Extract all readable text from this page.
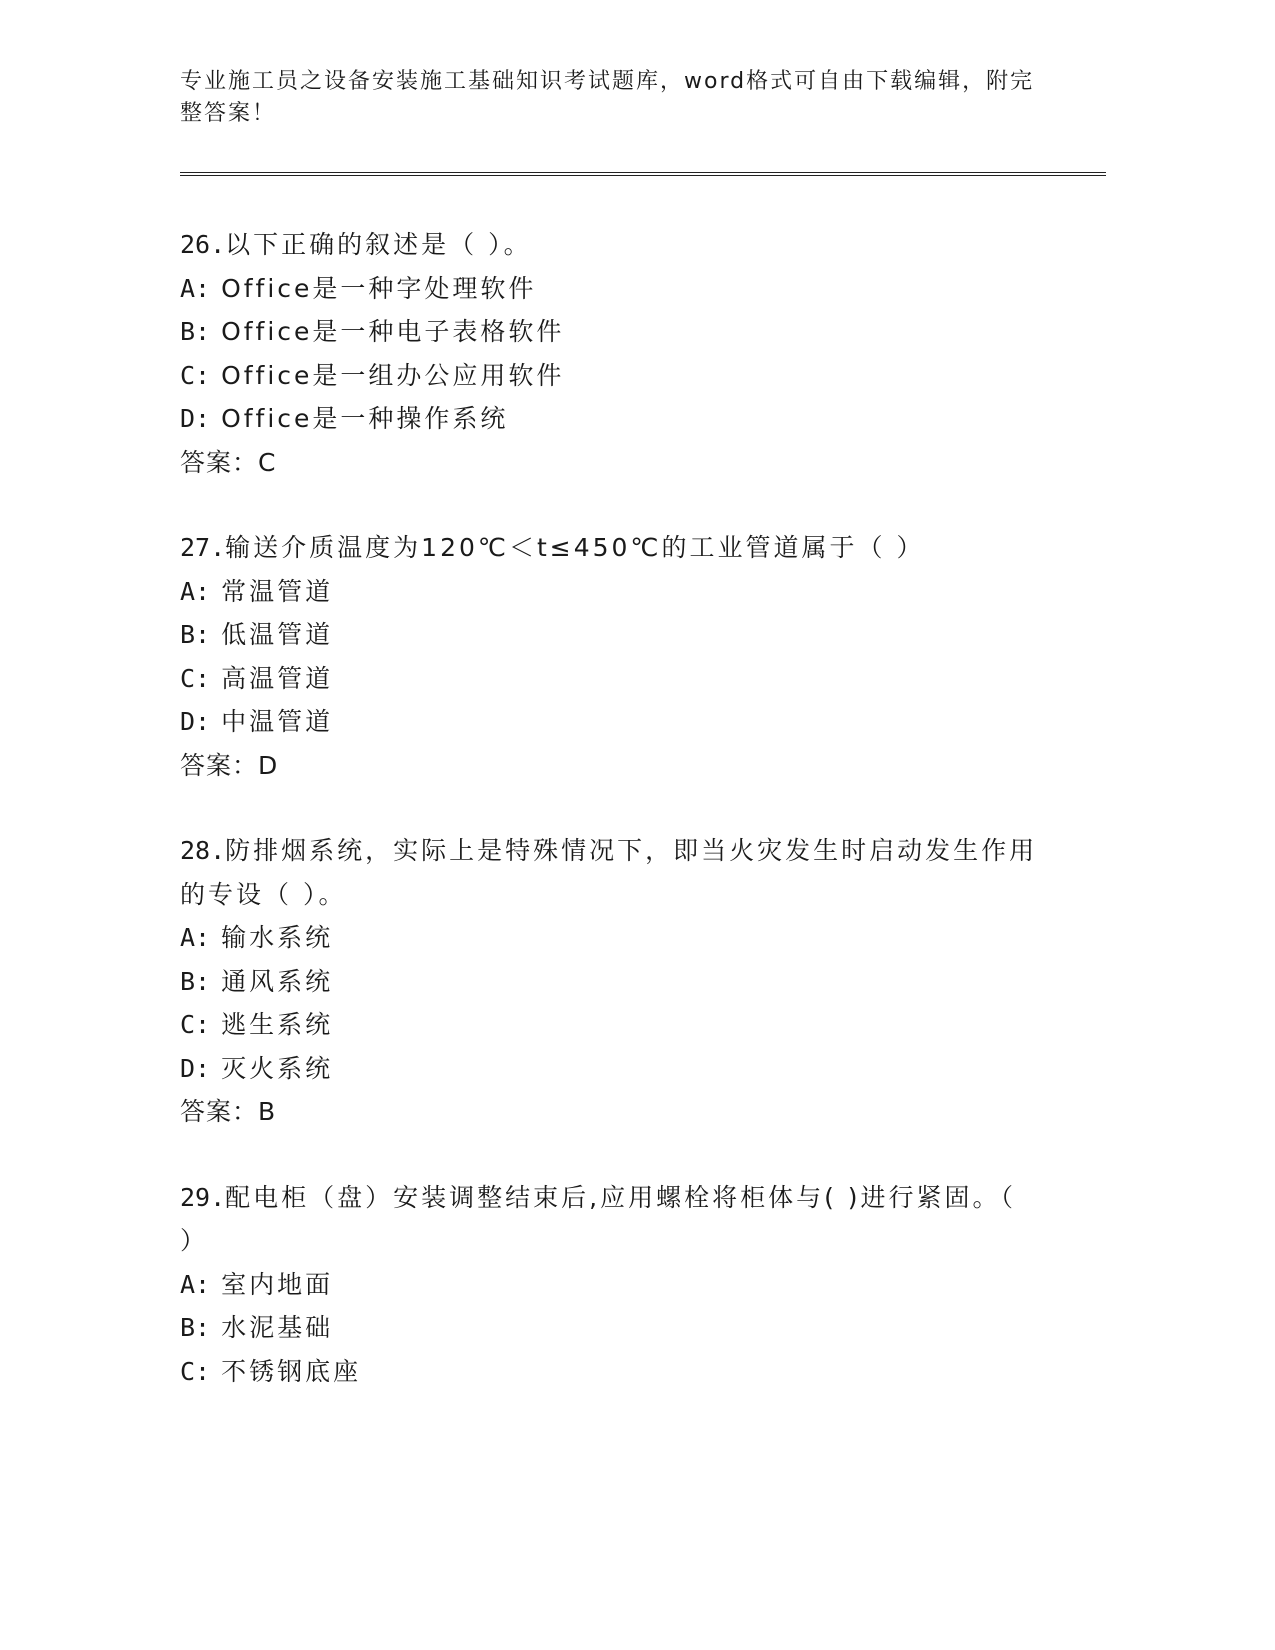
专业施工员之设备安装施工基础知识考试题库，word格式可自由下载编辑，附完整答案！
26.以下正确的叙述是（ ）。
A: Office是一种字处理软件
B: Office是一种电子表格软件
C: Office是一组办公应用软件
D: Office是一种操作系统
答案：C
27.输送介质温度为120℃＜t≤450℃的工业管道属于（ ）
A: 常温管道
B: 低温管道
C: 高温管道
D: 中温管道
答案：D
28.防排烟系统，实际上是特殊情况下，即当火灾发生时启动发生作用的专设（ ）。
A: 输水系统
B: 通风系统
C: 逃生系统
D: 灭火系统
答案：B
29.配电柜（盘）安装调整结束后,应用螺栓将柜体与( )进行紧固。（ ）
A: 室内地面
B: 水泥基础
C: 不锈钢底座
